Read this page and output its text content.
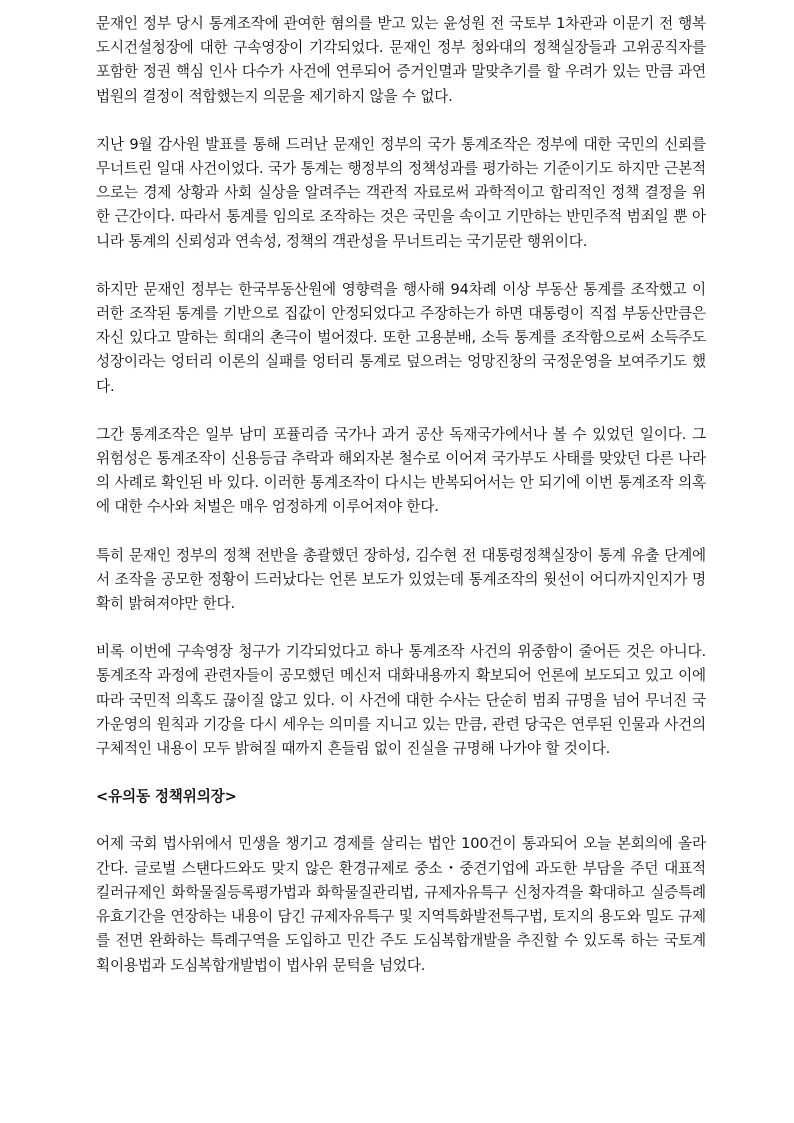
문재인 정부 당시 통계조작에 관여한 혐의를 받고 있는 윤성원 전 국토부 1차관과 이문기 전 행복도시건설청장에 대한 구속영장이 기각되었다. 문재인 정부 청와대의 정책실장들과 고위공직자를 포함한 정권 핵심 인사 다수가 사건에 연루되어 증거인멸과 말맞추기를 할 우려가 있는 만큼 과연 법원의 결정이 적합했는지 의문을 제기하지 않을 수 없다.

지난 9월 감사원 발표를 통해 드러난 문재인 정부의 국가 통계조작은 정부에 대한 국민의 신뢰를 무너트린 일대 사건이었다. 국가 통계는 행정부의 정책성과를 평가하는 기준이기도 하지만 근본적으로는 경제 상황과 사회 실상을 알려주는 객관적 자료로써 과학적이고 합리적인 정책 결정을 위한 근간이다. 따라서 통계를 임의로 조작하는 것은 국민을 속이고 기만하는 반민주적 범죄일 뿐 아니라 통계의 신뢰성과 연속성, 정책의 객관성을 무너트리는 국기문란 행위이다.

하지만 문재인 정부는 한국부동산원에 영향력을 행사해 94차례 이상 부동산 통계를 조작했고 이러한 조작된 통계를 기반으로 집값이 안정되었다고 주장하는가 하면 대통령이 직접 부동산만큼은 자신 있다고 말하는 희대의 촌극이 벌어졌다. 또한 고용분배, 소득 통계를 조작함으로써 소득주도성장이라는 엉터리 이론의 실패를 엉터리 통계로 덮으려는 엉망진창의 국정운영을 보여주기도 했다.

그간 통계조작은 일부 남미 포퓰리즘 국가나 과거 공산 독재국가에서나 볼 수 있었던 일이다. 그 위험성은 통계조작이 신용등급 추락과 해외자본 철수로 이어져 국가부도 사태를 맞았던 다른 나라의 사례로 확인된 바 있다. 이러한 통계조작이 다시는 반복되어서는 안 되기에 이번 통계조작 의혹에 대한 수사와 처벌은 매우 엄정하게 이루어져야 한다.

특히 문재인 정부의 정책 전반을 총괄했던 장하성, 김수현 전 대통령정책실장이 통계 유출 단계에서 조작을 공모한 정황이 드러났다는 언론 보도가 있었는데 통계조작의 윗선이 어디까지인지가 명확히 밝혀져야만 한다.

비록 이번에 구속영장 청구가 기각되었다고 하나 통계조작 사건의 위중함이 줄어든 것은 아니다. 통계조작 과정에 관련자들이 공모했던 메신저 대화내용까지 확보되어 언론에 보도되고 있고 이에 따라 국민적 의혹도 끊이질 않고 있다. 이 사건에 대한 수사는 단순히 범죄 규명을 넘어 무너진 국가운영의 원칙과 기강을 다시 세우는 의미를 지니고 있는 만큼, 관련 당국은 연루된 인물과 사건의 구체적인 내용이 모두 밝혀질 때까지 흔들림 없이 진실을 규명해 나가야 할 것이다.

<유의동 정책위의장>

어제 국회 법사위에서 민생을 챙기고 경제를 살리는 법안 100건이 통과되어 오늘 본회의에 올라간다. 글로벌 스탠다드와도 맞지 않은 환경규제로 중소・중견기업에 과도한 부담을 주던 대표적 킬러규제인 화학물질등록평가법과 화학물질관리법, 규제자유특구 신청자격을 확대하고 실증특례 유효기간을 연장하는 내용이 담긴 규제자유특구 및 지역특화발전특구법, 토지의 용도와 밀도 규제를 전면 완화하는 특례구역을 도입하고 민간 주도 도심복합개발을 추진할 수 있도록 하는 국토계획이용법과 도심복합개발법이 법사위 문턱을 넘었다.
